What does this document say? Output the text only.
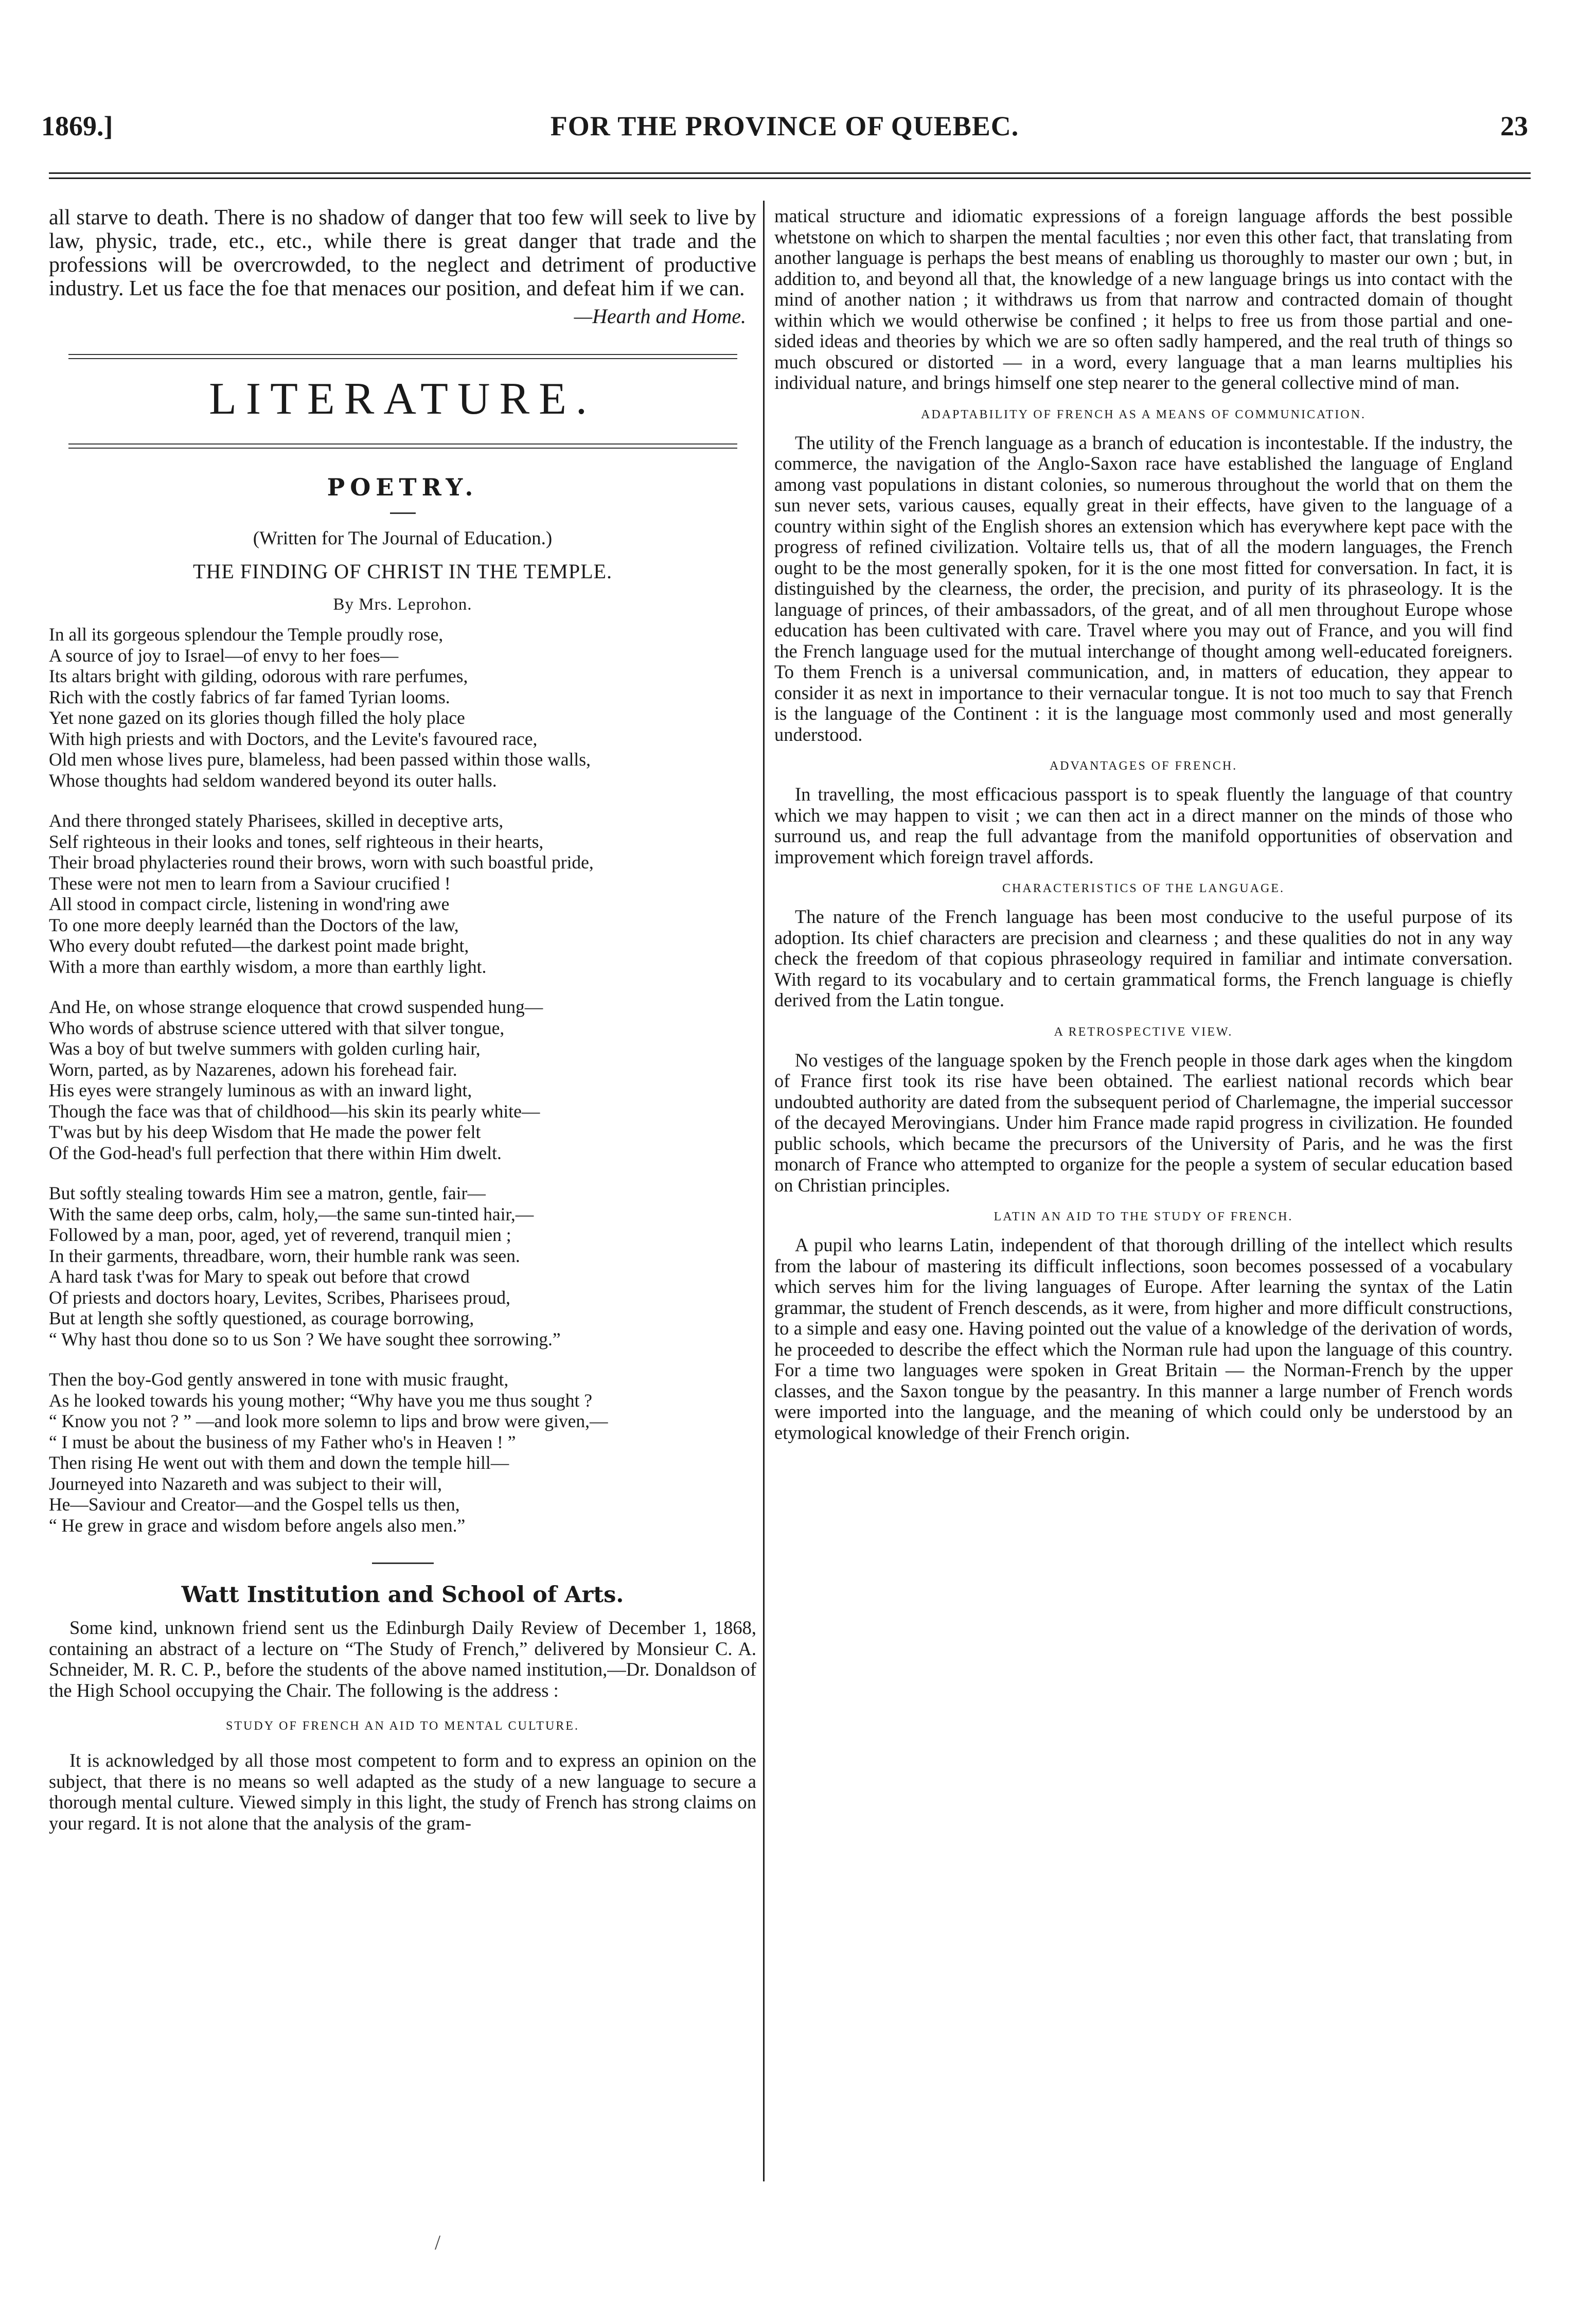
1869.]	FOR THE PROVINCE OF QUEBEC.	23

all starve to death. There is no shadow of danger that too few will seek to live by law, physic, trade, etc., etc., while there is great danger that trade and the professions will be overcrowded, to the neglect and detriment of productive industry. Let us face the foe that menaces our position, and defeat him if we can.

—Hearth and Home.
LITERATURE.
POETRY.
(Written for The Journal of Education.)
THE FINDING OF CHRIST IN THE TEMPLE.
By Mrs. Leprohon.
In all its gorgeous splendour the Temple proudly rose,
A source of joy to Israel—of envy to her foes—
Its altars bright with gilding, odorous with rare perfumes,
Rich with the costly fabrics of far famed Tyrian looms.
Yet none gazed on its glories though filled the holy place
With high priests and with Doctors, and the Levite's favoured race,
Old men whose lives pure, blameless, had been passed within those walls,
Whose thoughts had seldom wandered beyond its outer halls.
And there thronged stately Pharisees, skilled in deceptive arts,
Self righteous in their looks and tones, self righteous in their hearts,
Their broad phylacteries round their brows, worn with such boastful pride,
These were not men to learn from a Saviour crucified !
All stood in compact circle, listening in wond'ring awe
To one more deeply learnéd than the Doctors of the law,
Who every doubt refuted—the darkest point made bright,
With a more than earthly wisdom, a more than earthly light.
And He, on whose strange eloquence that crowd suspended hung—
Who words of abstruse science uttered with that silver tongue,
Was a boy of but twelve summers with golden curling hair,
Worn, parted, as by Nazarenes, adown his forehead fair.
His eyes were strangely luminous as with an inward light,
Though the face was that of childhood—his skin its pearly white—
T'was but by his deep Wisdom that He made the power felt
Of the God-head's full perfection that there within Him dwelt.
But softly stealing towards Him see a matron, gentle, fair—
With the same deep orbs, calm, holy,—the same sun-tinted hair,—
Followed by a man, poor, aged, yet of reverend, tranquil mien ;
In their garments, threadbare, worn, their humble rank was seen.
A hard task t'was for Mary to speak out before that crowd
Of priests and doctors hoary, Levites, Scribes, Pharisees proud,
But at length she softly questioned, as courage borrowing,
“ Why hast thou done so to us Son ? We have sought thee sorrowing.”
Then the boy-God gently answered in tone with music fraught,
As he looked towards his young mother; “Why have you me thus sought ?
“ Know you not ? ” —and look more solemn to lips and brow were given,—
“ I must be about the business of my Father who's in Heaven ! ”
Then rising He went out with them and down the temple hill—
Journeyed into Nazareth and was subject to their will,
He—Saviour and Creator—and the Gospel tells us then,
“ He grew in grace and wisdom before angels also men.”
Watt Institution and School of Arts.

Some kind, unknown friend sent us the Edinburgh Daily Review of December 1, 1868, containing an abstract of a lecture on “The Study of French,” delivered by Monsieur C. A. Schneider, M. R. C. P., before the students of the above named institution,—Dr. Donaldson of the High School occupying the Chair. The following is the address :

STUDY OF FRENCH AN AID TO MENTAL CULTURE.

It is acknowledged by all those most competent to form and to express an opinion on the subject, that there is no means so well adapted as the study of a new language to secure a thorough mental culture. Viewed simply in this light, the study of French has strong claims on your regard. It is not alone that the analysis of the gram-

matical structure and idiomatic expressions of a foreign language affords the best possible whetstone on which to sharpen the mental faculties ; nor even this other fact, that translating from another language is perhaps the best means of enabling us thoroughly to master our own ; but, in addition to, and beyond all that, the knowledge of a new language brings us into contact with the mind of another nation ; it withdraws us from that narrow and contracted domain of thought within which we would otherwise be confined ; it helps to free us from those partial and one-sided ideas and theories by which we are so often sadly hampered, and the real truth of things so much obscured or distorted — in a word, every language that a man learns multiplies his individual nature, and brings himself one step nearer to the general collective mind of man.

ADAPTABILITY OF FRENCH AS A MEANS OF COMMUNICATION.

The utility of the French language as a branch of education is incontestable. If the industry, the commerce, the navigation of the Anglo-Saxon race have established the language of England among vast populations in distant colonies, so numerous throughout the world that on them the sun never sets, various causes, equally great in their effects, have given to the language of a country within sight of the English shores an extension which has everywhere kept pace with the progress of refined civilization. Voltaire tells us, that of all the modern languages, the French ought to be the most generally spoken, for it is the one most fitted for conversation. In fact, it is distinguished by the clearness, the order, the precision, and purity of its phraseology. It is the language of princes, of their ambassadors, of the great, and of all men throughout Europe whose education has been cultivated with care. Travel where you may out of France, and you will find the French language used for the mutual interchange of thought among well-educated foreigners. To them French is a universal communication, and, in matters of education, they appear to consider it as next in importance to their vernacular tongue. It is not too much to say that French is the language of the Continent : it is the language most commonly used and most generally understood.

ADVANTAGES OF FRENCH.

In travelling, the most efficacious passport is to speak fluently the language of that country which we may happen to visit ; we can then act in a direct manner on the minds of those who surround us, and reap the full advantage from the manifold opportunities of observation and improvement which foreign travel affords.

CHARACTERISTICS OF THE LANGUAGE.

The nature of the French language has been most conducive to the useful purpose of its adoption. Its chief characters are precision and clearness ; and these qualities do not in any way check the freedom of that copious phraseology required in familiar and intimate conversation. With regard to its vocabulary and to certain grammatical forms, the French language is chiefly derived from the Latin tongue.

A RETROSPECTIVE VIEW.

No vestiges of the language spoken by the French people in those dark ages when the kingdom of France first took its rise have been obtained. The earliest national records which bear undoubted authority are dated from the subsequent period of Charlemagne, the imperial successor of the decayed Merovingians. Under him France made rapid progress in civilization. He founded public schools, which became the precursors of the University of Paris, and he was the first monarch of France who attempted to organize for the people a system of secular education based on Christian principles.

LATIN AN AID TO THE STUDY OF FRENCH.

A pupil who learns Latin, independent of that thorough drilling of the intellect which results from the labour of mastering its difficult inflections, soon becomes possessed of a vocabulary which serves him for the living languages of Europe. After learning the syntax of the Latin grammar, the student of French descends, as it were, from higher and more difficult constructions, to a simple and easy one. Having pointed out the value of a knowledge of the derivation of words, he proceeded to describe the effect which the Norman rule had upon the language of this country. For a time two languages were spoken in Great Britain — the Norman-French by the upper classes, and the Saxon tongue by the peasantry. In this manner a large number of French words were imported into the language, and the meaning of which could only be understood by an etymological knowledge of their French origin.

/
